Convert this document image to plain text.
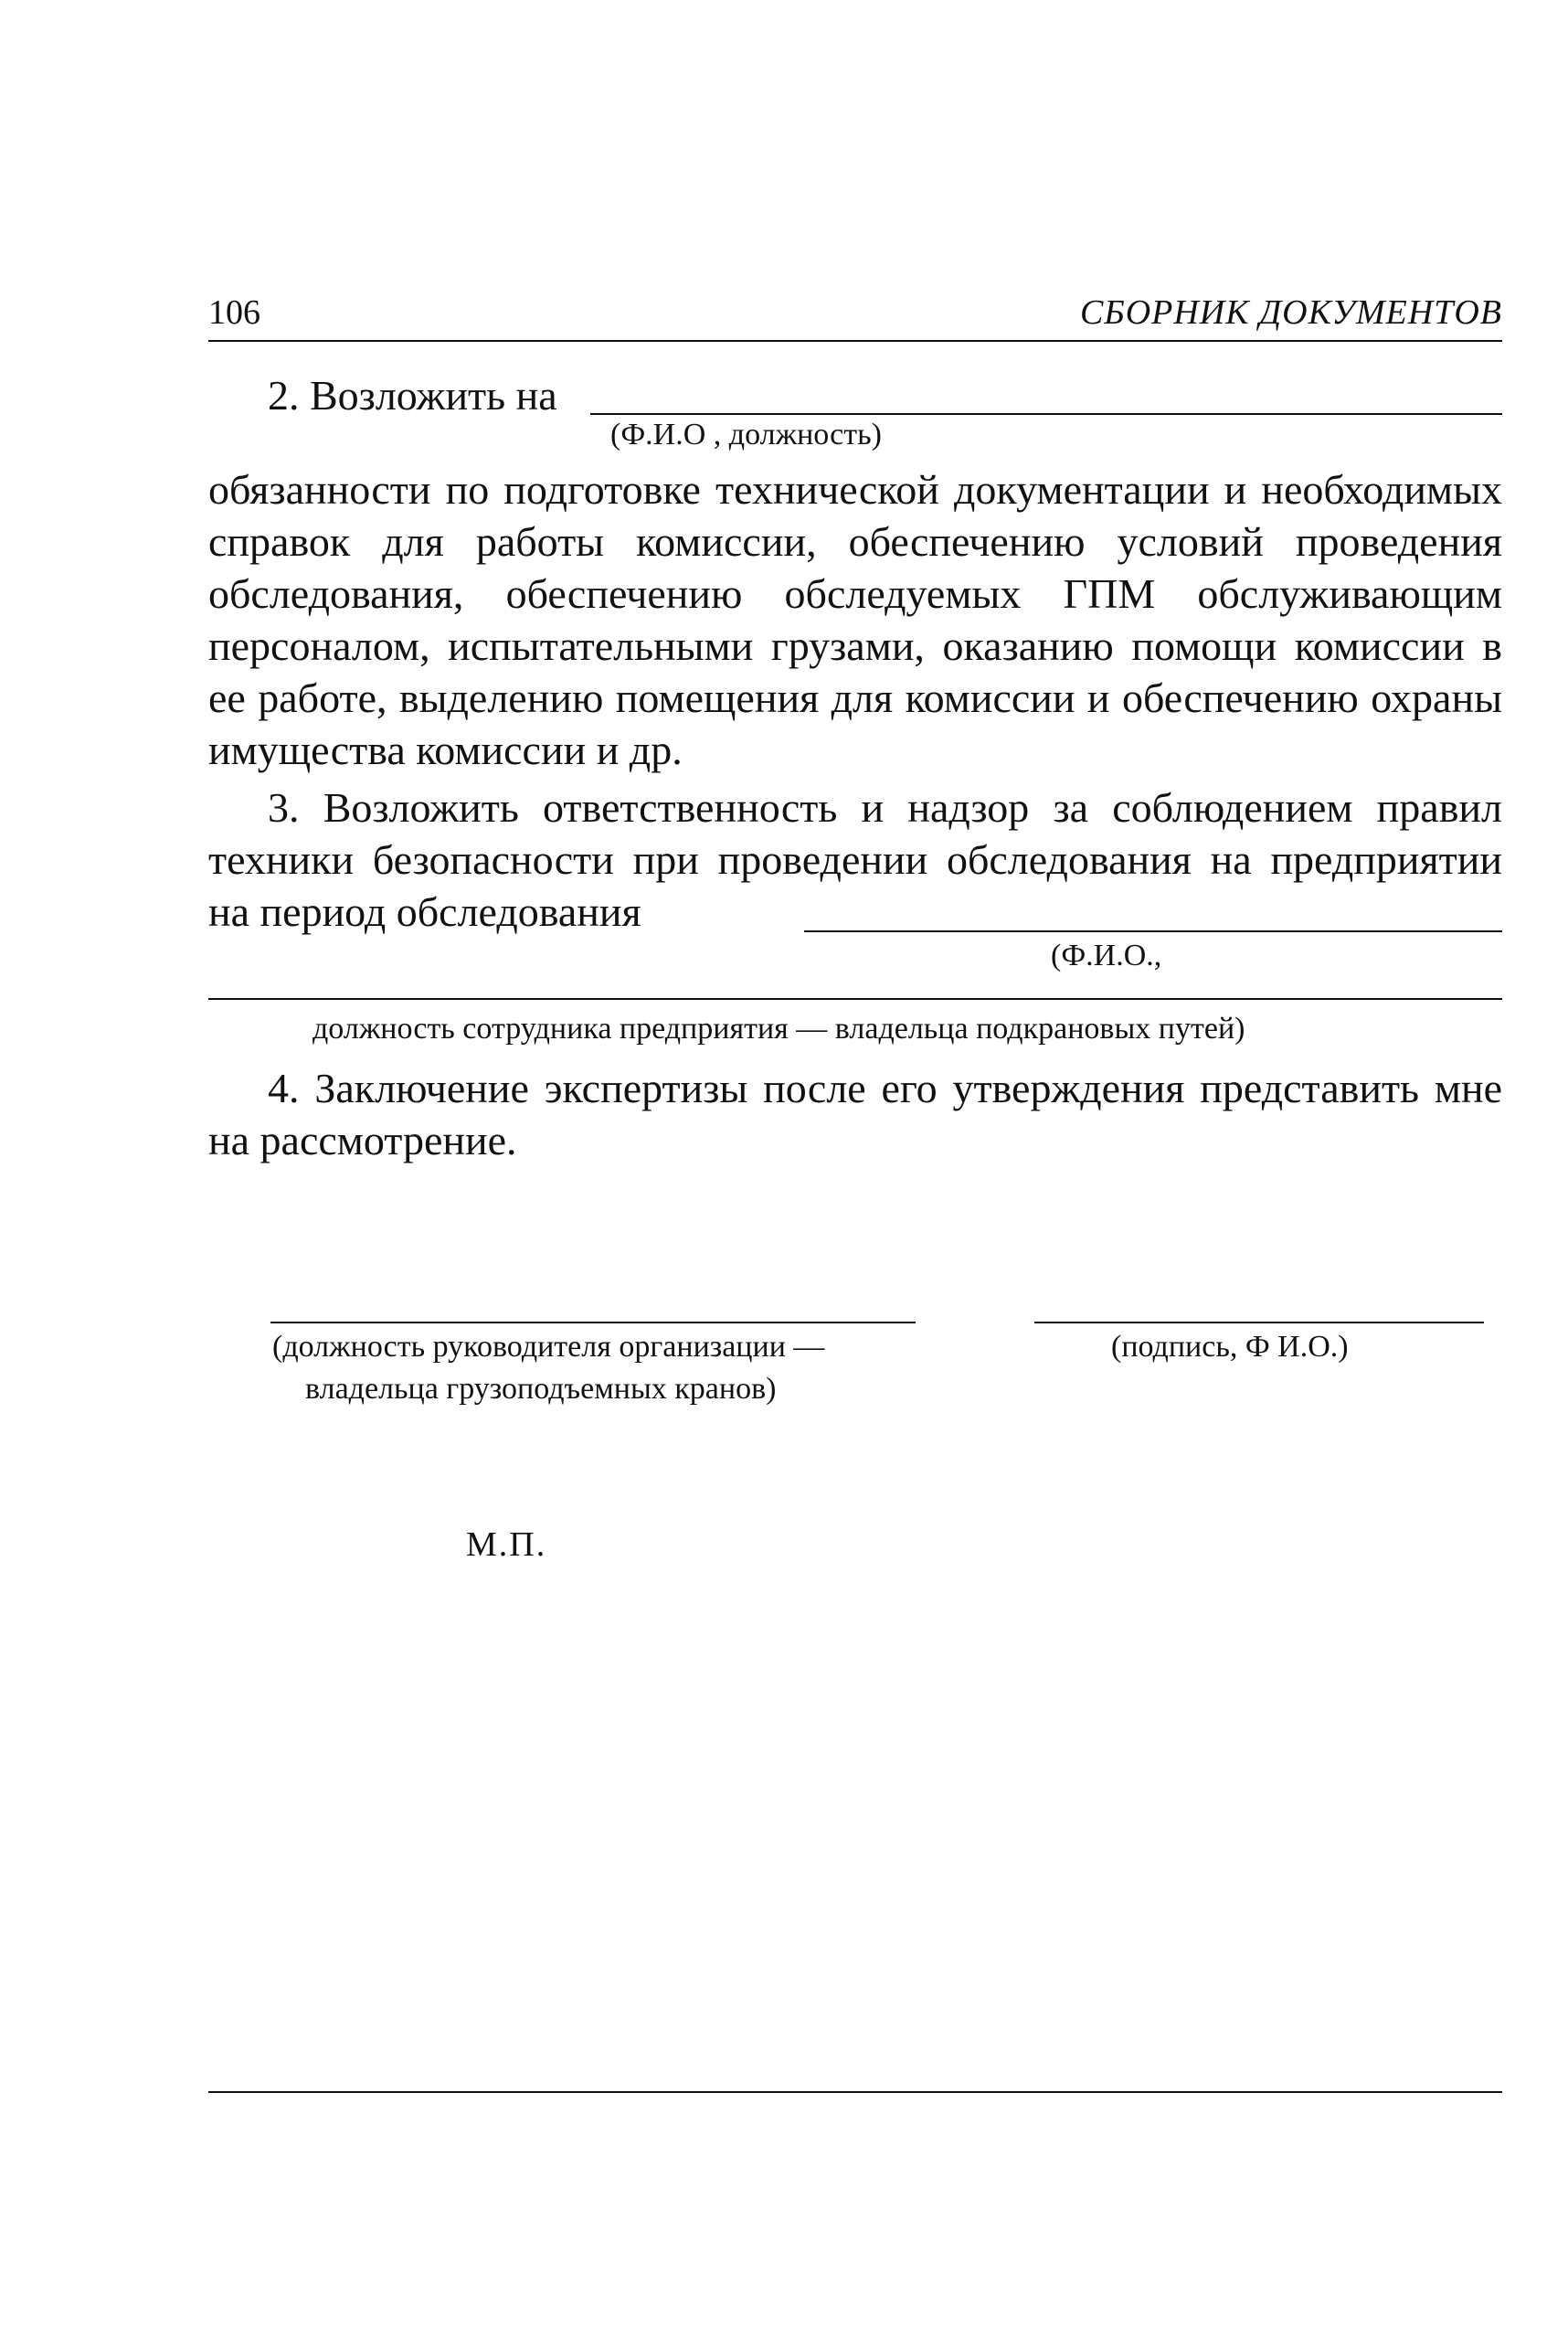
106	СБОРНИК ДОКУМЕНТОВ
2. Возложить на
(Ф.И.О , должность)
обязанности по подготовке технической документации и необходимых справок для работы комиссии, обеспечению условий проведения обследования, обеспечению обследуемых ГПМ обслуживающим персоналом, испытательными грузами, оказанию помощи комиссии в ее работе, выделению помещения для комиссии и обеспечению охраны имущества комиссии и др.
3. Возложить ответственность и надзор за соблюдением правил техники безопасности при проведении обследования на предприятии на период обследования
(Ф.И.О.,
должность сотрудника предприятия — владельца подкрановых путей)
4. Заключение экспертизы после его утверждения представить мне на рассмотрение.
(должность руководителя организации —
владельца грузоподъемных кранов)
(подпись, Ф И.О.)
М.П.
